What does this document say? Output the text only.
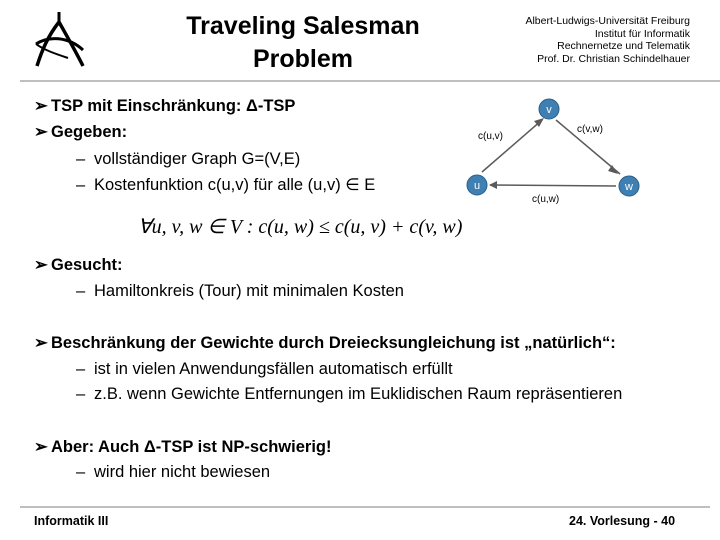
Traveling Salesman
Problem
Albert-Ludwigs-Universität Freiburg
Institut für Informatik
Rechnernetze und Telematik
Prof. Dr. Christian Schindelhauer
➢ TSP mit Einschränkung: Δ-TSP
➢ Gegeben:
– vollständiger Graph G=(V,E)
– Kostenfunktion c(u,v) für alle (u,v) ∈ E
v
u	w
c(u,v)
c(v,w)
c(u,w)
∀u, v, w ∈ V : c(u, w) ≤ c(u, v) + c(v, w)
➢ Gesucht:
– Hamiltonkreis (Tour) mit minimalen Kosten
➢ Beschränkung der Gewichte durch Dreiecksungleichung ist „natürlich“:
– ist in vielen Anwendungsfällen automatisch erfüllt
– z.B. wenn Gewichte Entfernungen im Euklidischen Raum repräsentieren
➢ Aber: Auch Δ-TSP ist NP-schwierig!
– wird hier nicht bewiesen
Informatik III	24. Vorlesung - 40
